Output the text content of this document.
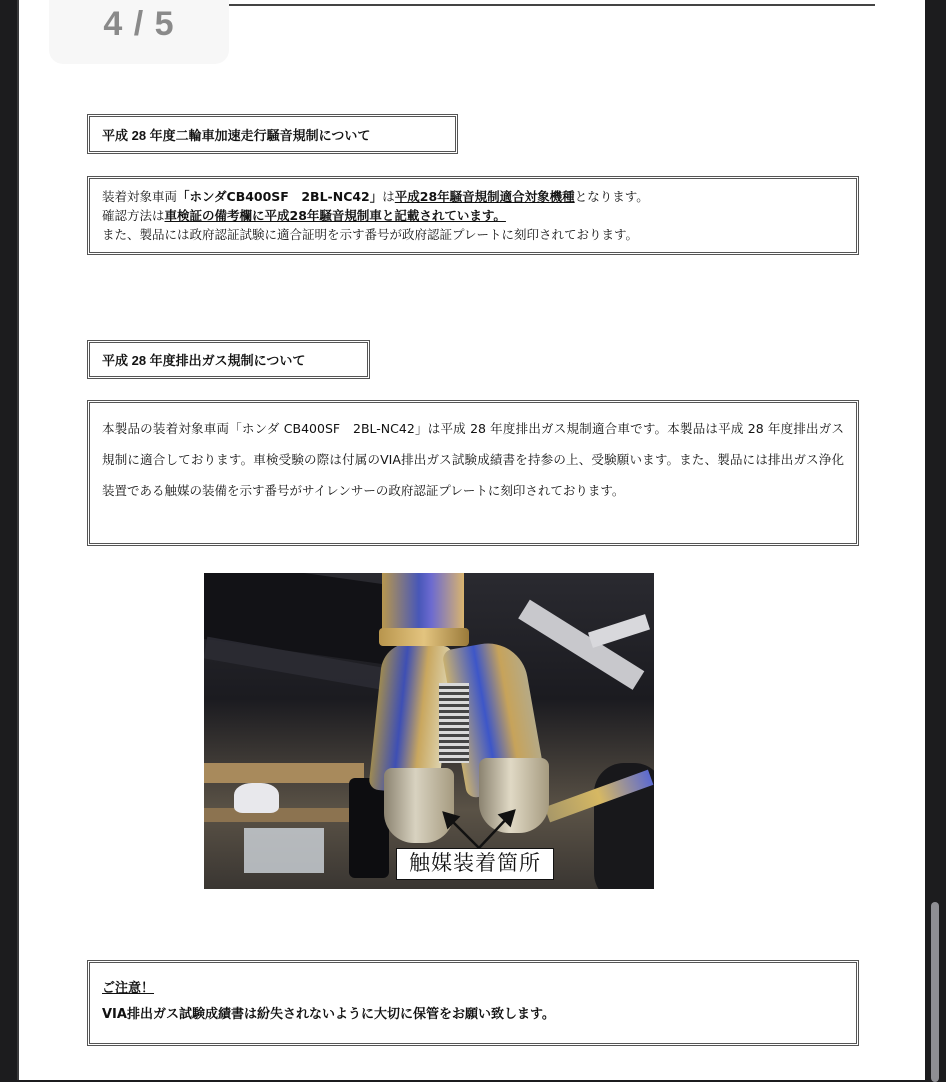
4 / 5
平成 28 年度二輪車加速走行騒音規制について

装着対象車両「ホンダCB400SF　2BL-NC42」は平成28年騒音規制適合対象機種となります。

確認方法は車検証の備考欄に平成28年騒音規制車と記載されています。

また、製品には政府認証試験に適合証明を示す番号が政府認証プレートに刻印されております。

平成 28 年度排出ガス規制について

本製品の装着対象車両「ホンダ CB400SF　2BL-NC42」は平成 28 年度排出ガス規制適合車です。本製品は平成 28 年度排出ガス規制に適合しております。車検受験の際は付属のVIA排出ガス試験成績書を持参の上、受験願います。また、製品には排出ガス浄化装置である触媒の装備を示す番号がサイレンサーの政府認証プレートに刻印されております。

触媒装着箇所
ご注意！

VIA排出ガス試験成績書は紛失されないように大切に保管をお願い致します。
